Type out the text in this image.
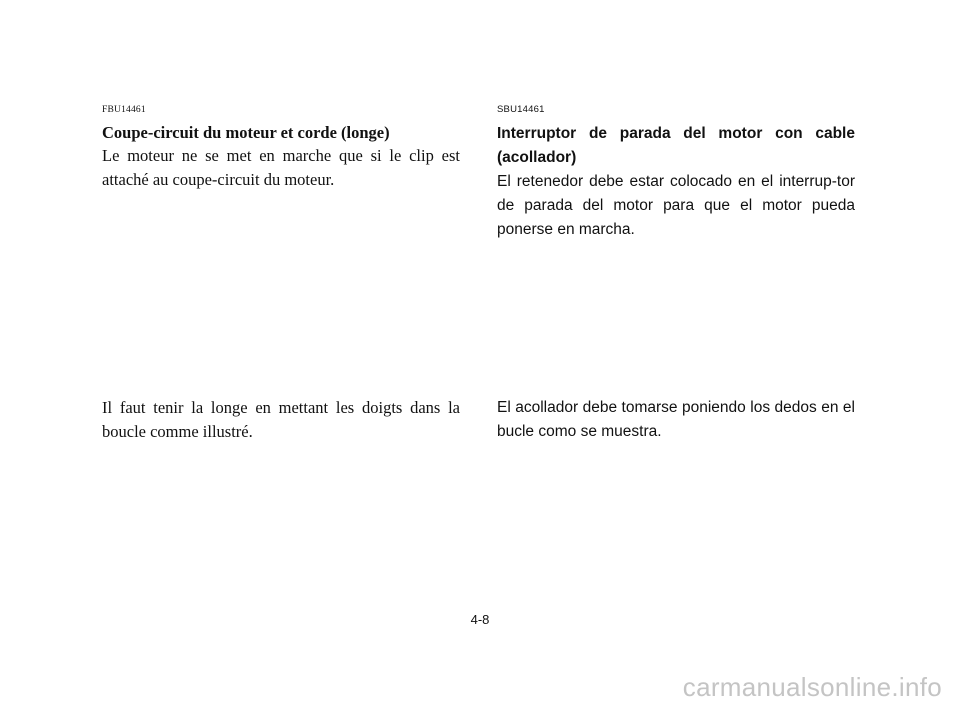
FBU14461

Coupe-circuit du moteur et corde (longe)

Le moteur ne se met en marche que si le clip est attaché au coupe-circuit du moteur.

Il faut tenir la longe en mettant les doigts dans la boucle comme illustré.

SBU14461

Interruptor de parada del motor con cable (acollador)

El retenedor debe estar colocado en el interrup-tor de parada del motor para que el motor pueda ponerse en marcha.

El acollador debe tomarse poniendo los dedos en el bucle como se muestra.

4-8
carmanualsonline.info
